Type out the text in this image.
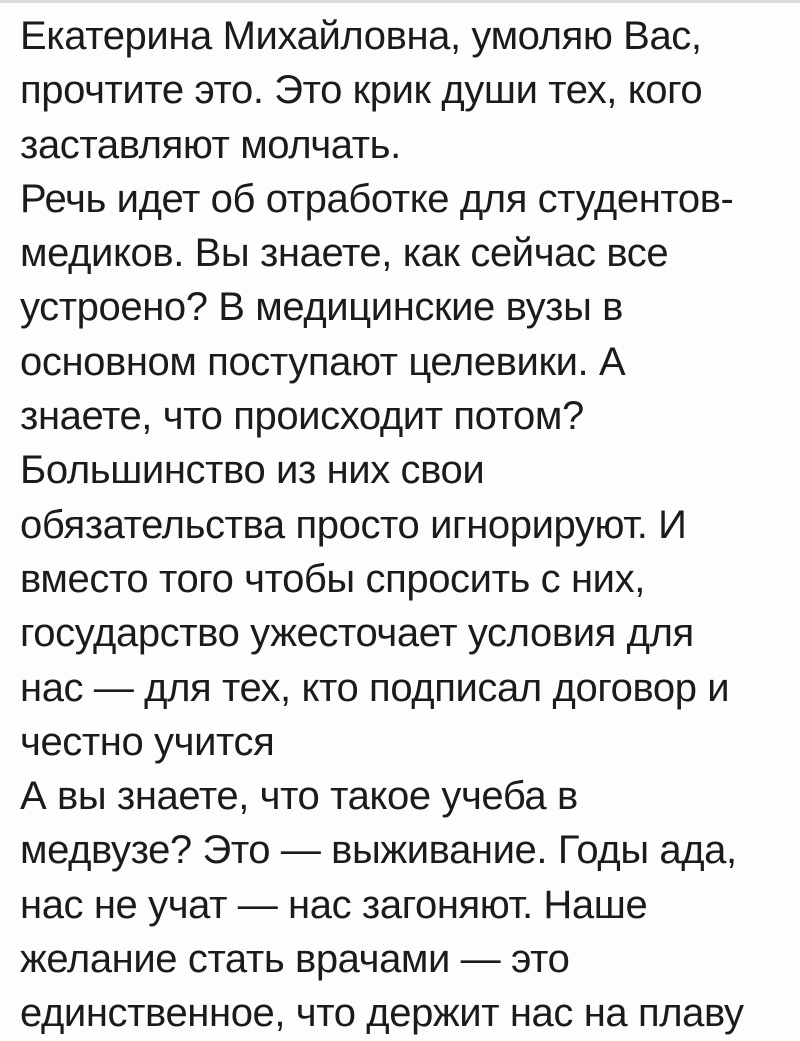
Екатерина Михайловна, умоляю Вас,
прочтите это. Это крик души тех, кого
заставляют молчать.
Речь идет об отработке для студентов-
медиков. Вы знаете, как сейчас все
устроено? В медицинские вузы в
основном поступают целевики. А
знаете, что происходит потом?
Большинство из них свои
обязательства просто игнорируют. И
вместо того чтобы спросить с них,
государство ужесточает условия для
нас — для тех, кто подписал договор и
честно учится
А вы знаете, что такое учеба в
медвузе? Это — выживание. Годы ада,
нас не учат — нас загоняют. Наше
желание стать врачами — это
единственное, что держит нас на плаву
